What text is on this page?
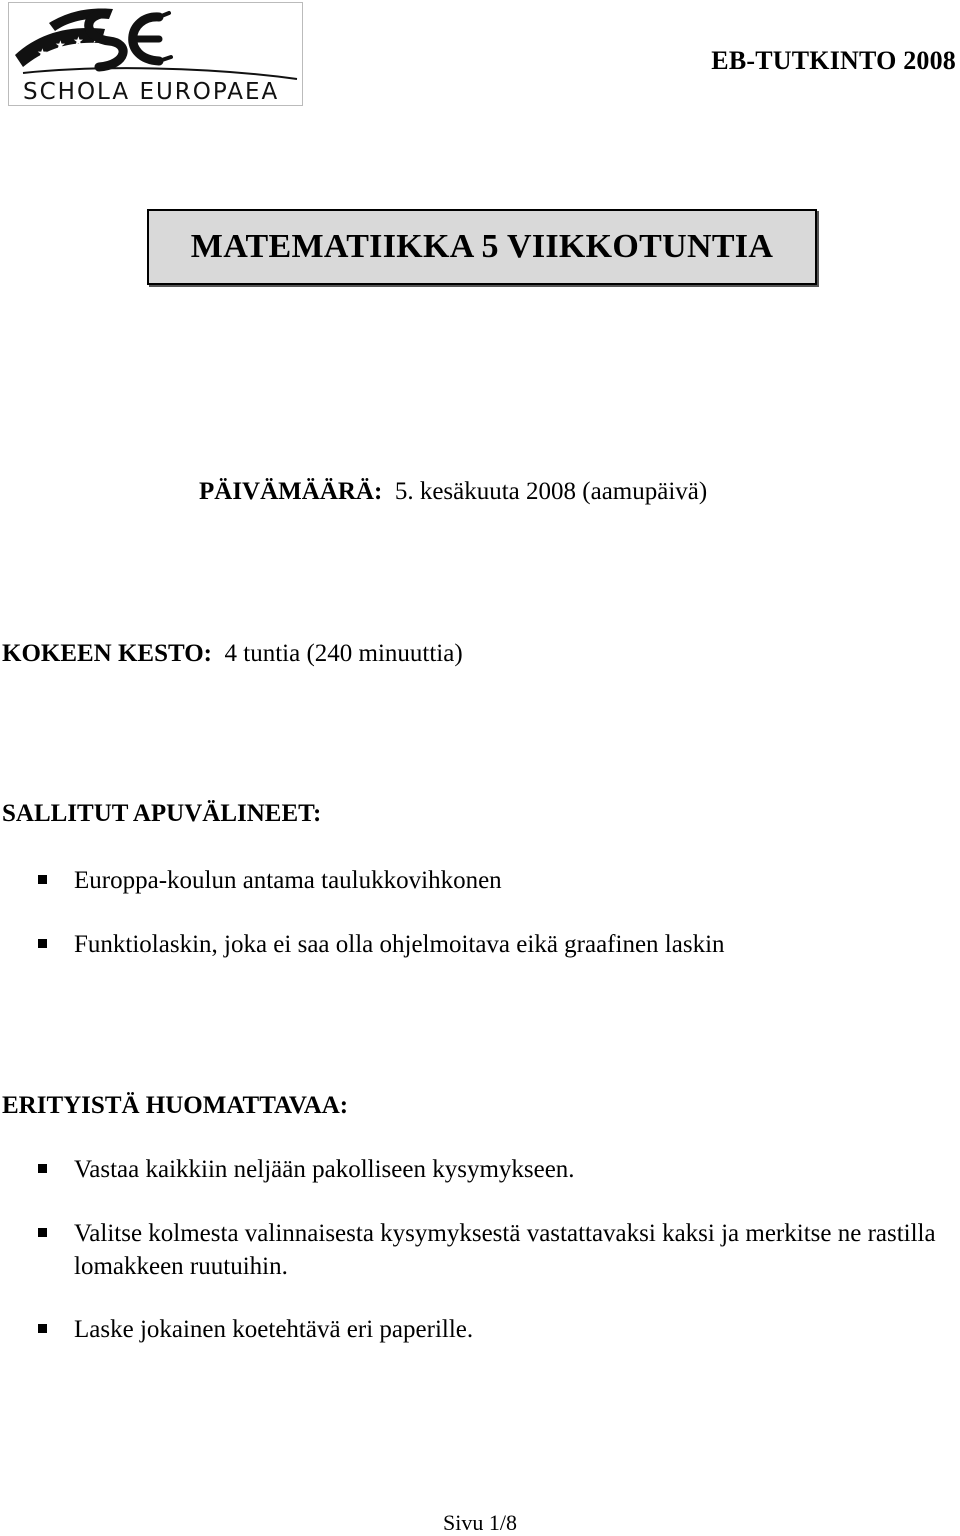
★
★ ★ ★
SCHOLA EUROPAEA
EB-TUTKINTO 2008
MATEMATIIKKA 5 VIIKKOTUNTIA
PÄIVÄMÄÄRÄ: 5. kesäkuuta 2008 (aamupäivä)
KOKEEN KESTO: 4 tuntia (240 minuuttia)
SALLITUT APUVÄLINEET:
Europpa-koulun antama taulukkovihkonen
Funktiolaskin, joka ei saa olla ohjelmoitava eikä graafinen laskin
ERITYISTÄ HUOMATTAVAA:
Vastaa kaikkiin neljään pakolliseen kysymykseen.
Valitse kolmesta valinnaisesta kysymyksestä vastattavaksi kaksi ja merkitse ne rastilla lomakkeen ruutuihin.
Laske jokainen koetehtävä eri paperille.
Sivu 1/8
